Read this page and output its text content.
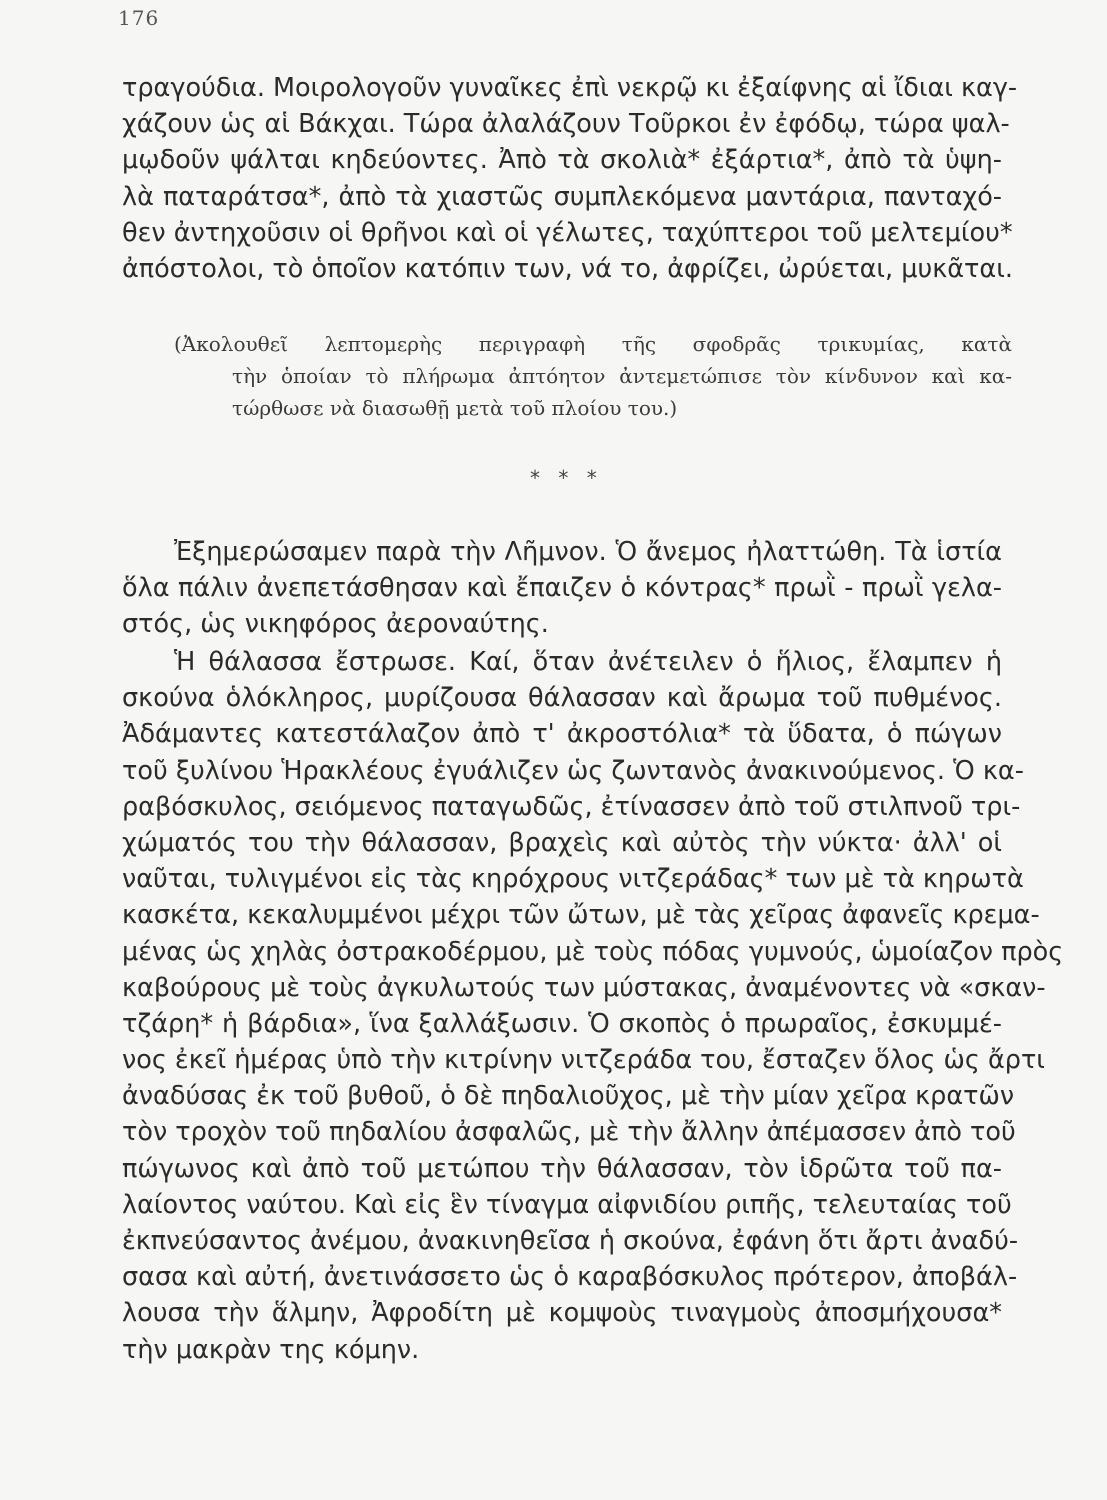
176
τραγούδια. Μοιρολογοῦν γυναῖκες ἐπὶ νεκρῷ κι ἐξαίφνης αἱ ἴδιαι καγ-
χάζουν ὡς αἱ Βάκχαι. Τώρα ἀλαλάζουν Τοῦρκοι ἐν ἐφόδῳ, τώρα ψαλ-
μῳδοῦν ψάλται κηδεύοντες. Ἀπὸ τὰ σκολιὰ* ἐξάρτια*, ἀπὸ τὰ ὑψη-
λὰ παταράτσα*, ἀπὸ τὰ χιαστῶς συμπλεκόμενα μαντάρια, πανταχό-
θεν ἀντηχοῦσιν οἱ θρῆνοι καὶ οἱ γέλωτες, ταχύπτεροι τοῦ μελτεμίου*
ἀπόστολοι, τὸ ὁποῖον κατόπιν των, νά το, ἀφρίζει, ὠρύεται, μυκᾶται.
(Ἀκολουθεῖ λεπτομερὴς περιγραφὴ τῆς σφοδρᾶς τρικυμίας, κατὰ
τὴν ὁποίαν τὸ πλήρωμα ἀπτόητον ἀντεμετώπισε τὸν κίνδυνον καὶ κα-
τώρθωσε νὰ διασωθῇ μετὰ τοῦ πλοίου του.)
* * *
Ἐξημερώσαμεν παρὰ τὴν Λῆμνον. Ὁ ἄνεμος ἠλαττώθη. Τὰ ἱστία
ὅλα πάλιν ἀνεπετάσθησαν καὶ ἔπαιζεν ὁ κόντρας* πρωῒ - πρωῒ γελα-
στός, ὡς νικηφόρος ἀεροναύτης.
Ἡ θάλασσα ἔστρωσε. Καί, ὅταν ἀνέτειλεν ὁ ἥλιος, ἔλαμπεν ἡ
σκούνα ὁλόκληρος, μυρίζουσα θάλασσαν καὶ ἄρωμα τοῦ πυθμένος.
Ἀδάμαντες κατεστάλαζον ἀπὸ τ' ἀκροστόλια* τὰ ὕδατα, ὁ πώγων
τοῦ ξυλίνου Ἡρακλέους ἐγυάλιζεν ὡς ζωντανὸς ἀνακινούμενος. Ὁ κα-
ραβόσκυλος, σειόμενος παταγωδῶς, ἐτίνασσεν ἀπὸ τοῦ στιλπνοῦ τρι-
χώματός του τὴν θάλασσαν, βραχεὶς καὶ αὐτὸς τὴν νύκτα· ἀλλ' οἱ
ναῦται, τυλιγμένοι εἰς τὰς κηρόχρους νιτζεράδας* των μὲ τὰ κηρωτὰ
κασκέτα, κεκαλυμμένοι μέχρι τῶν ὤτων, μὲ τὰς χεῖρας ἀφανεῖς κρεμα-
μένας ὡς χηλὰς ὀστρακοδέρμου, μὲ τοὺς πόδας γυμνούς, ὡμοίαζον πρὸς
καβούρους μὲ τοὺς ἀγκυλωτούς των μύστακας, ἀναμένοντες νὰ «σκαν-
τζάρη* ἡ βάρδια», ἵνα ξαλλάξωσιν. Ὁ σκοπὸς ὁ πρωραῖος, ἐσκυμμέ-
νος ἐκεῖ ἡμέρας ὑπὸ τὴν κιτρίνην νιτζεράδα του, ἔσταζεν ὅλος ὡς ἄρτι
ἀναδύσας ἐκ τοῦ βυθοῦ, ὁ δὲ πηδαλιοῦχος, μὲ τὴν μίαν χεῖρα κρατῶν
τὸν τροχὸν τοῦ πηδαλίου ἀσφαλῶς, μὲ τὴν ἄλλην ἀπέμασσεν ἀπὸ τοῦ
πώγωνος καὶ ἀπὸ τοῦ μετώπου τὴν θάλασσαν, τὸν ἱδρῶτα τοῦ πα-
λαίοντος ναύτου. Καὶ εἰς ἓν τίναγμα αἰφνιδίου ριπῆς, τελευταίας τοῦ
ἐκπνεύσαντος ἀνέμου, ἀνακινηθεῖσα ἡ σκούνα, ἐφάνη ὅτι ἄρτι ἀναδύ-
σασα καὶ αὐτή, ἀνετινάσσετο ὡς ὁ καραβόσκυλος πρότερον, ἀποβάλ-
λουσα τὴν ἅλμην, Ἀφροδίτη μὲ κομψοὺς τιναγμοὺς ἀποσμήχουσα*
τὴν μακρὰν της κόμην.
